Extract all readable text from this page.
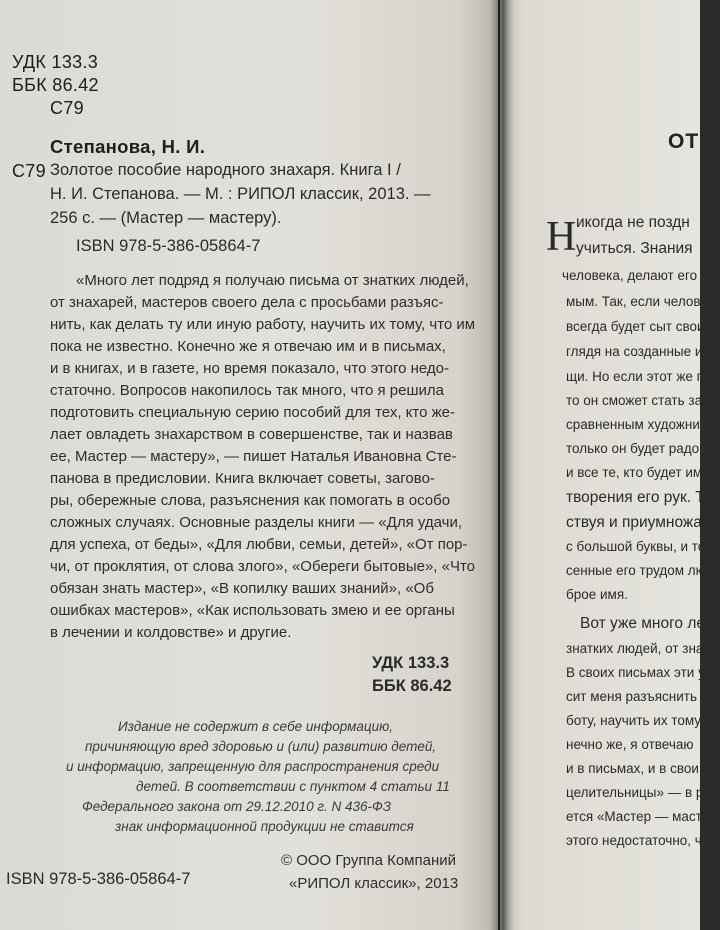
УДК 133.3
ББК 86.42
С79
Степанова, Н. И.
С79 Золотое пособие народного знахаря. Книга I /
Н. И. Степанова. — М. : РИПОЛ классик, 2013. —
256 с. — (Мастер — мастеру).
ISBN 978-5-386-05864-7
«Много лет подряд я получаю письма от знатких людей,
от знахарей, мастеров своего дела с просьбами разъяс-
нить, как делать ту или иную работу, научить их тому, что им
пока не известно. Конечно же я отвечаю им и в письмах,
и в книгах, и в газете, но время показало, что этого недо-
статочно. Вопросов накопилось так много, что я решила
подготовить специальную серию пособий для тех, кто же-
лает овладеть знахарством в совершенстве, так и назвав
ее, Мастер — мастеру», — пишет Наталья Ивановна Сте-
панова в предисловии. Книга включает советы, загово-
ры, обережные слова, разъяснения как помогать в особо
сложных случаях. Основные разделы книги — «Для удачи,
для успеха, от беды», «Для любви, семьи, детей», «От пор-
чи, от проклятия, от слова злого», «Обереги бытовые», «Что
обязан знать мастер», «В копилку ваших знаний», «Об
ошибках мастеров», «Как использовать змею и ее органы
в лечении и колдовстве» и другие.
УДК 133.3
ББК 86.42
Издание не содержит в себе информацию,
причиняющую вред здоровью и (или) развитию детей,
и информацию, запрещенную для распространения среди
детей. В соответствии с пунктом 4 статьи 11
Федерального закона от 29.12.2010 г. N 436-ФЗ
знак информационной продукции не ставится
© ООО Группа Компаний
«РИПОЛ классик», 2013
ISBN 978-5-386-05864-7
ОТ
Н икогда не поздн
учиться. Знания
человека, делают его
мым. Так, если челов
всегда будет сыт свои
глядя на созданные им
щи. Но если этот же по
то он сможет стать зам
сравненным художник
только он будет радо
и все те, кто будет им
творения его рук. Так
ствуя и приумножая
с большой буквы, и тог
сенные его трудом лю
брое имя.
Вот уже много лет
знатких людей, от зна
В своих письмах эти у
сит меня разъяснить
боту, научить их тому,
нечно же, я отвечаю
и в письмах, и в свои
целительницы» — в р
ется «Мастер — масте
этого недостаточно, ч
